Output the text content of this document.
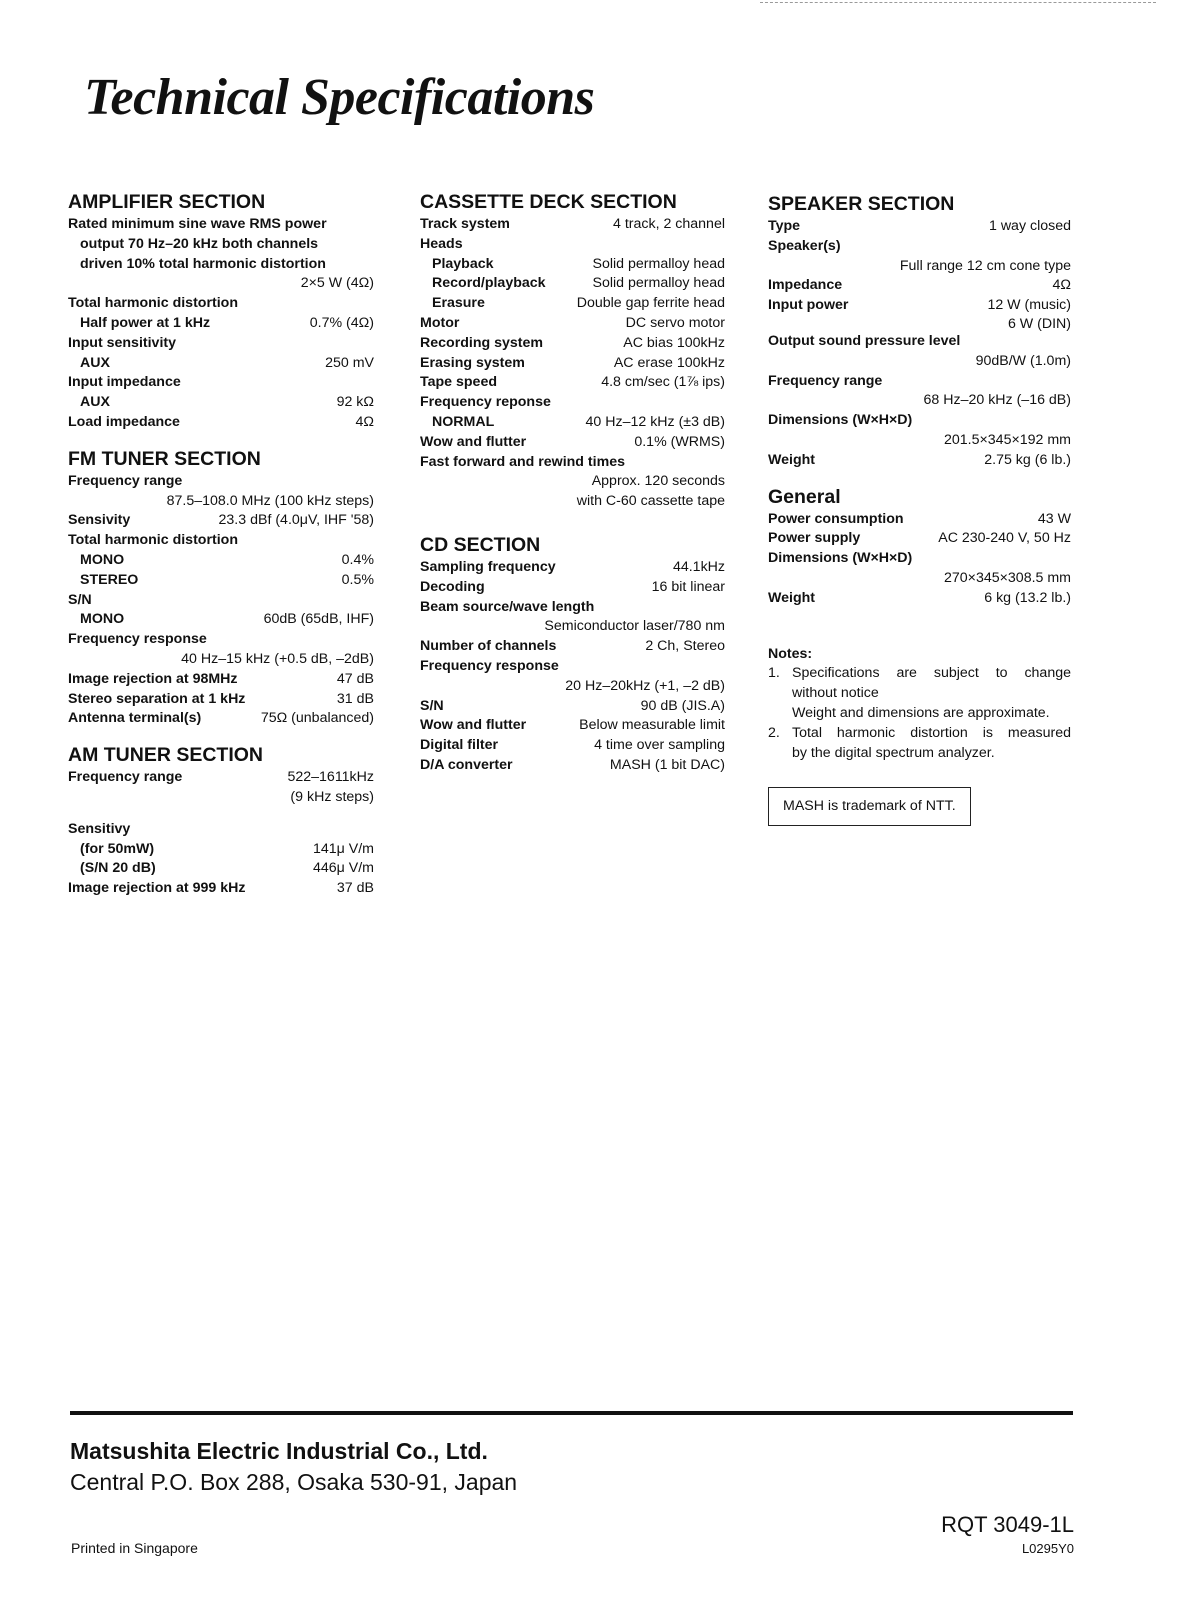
Technical Specifications
AMPLIFIER SECTION
Rated minimum sine wave RMS power
output 70 Hz–20 kHz both channels
driven 10% total harmonic distortion
2×5 W (4Ω)
Total harmonic distortion
Half power at 1 kHz	0.7% (4Ω)
Input sensitivity
AUX	250 mV
Input impedance
AUX	92 kΩ
Load impedance	4Ω
FM TUNER SECTION
Frequency range
87.5–108.0 MHz (100 kHz steps)
Sensivity	23.3 dBf (4.0μV, IHF '58)
Total harmonic distortion
MONO	0.4%
STEREO	0.5%
S/N
MONO	60dB (65dB, IHF)
Frequency response
40 Hz–15 kHz (+0.5 dB, –2dB)
Image rejection at 98MHz	47 dB
Stereo separation at 1 kHz	31 dB
Antenna terminal(s)	75Ω (unbalanced)
AM TUNER SECTION
Frequency range	522–1611kHz
(9 kHz steps)
Sensitivy
(for 50mW)	141μ V/m
(S/N 20 dB)	446μ V/m
Image rejection at 999 kHz	37 dB
CASSETTE DECK SECTION
Track system	4 track, 2 channel
Heads
Playback	Solid permalloy head
Record/playback	Solid permalloy head
Erasure	Double gap ferrite head
Motor	DC servo motor
Recording system	AC bias 100kHz
Erasing system	AC erase 100kHz
Tape speed	4.8 cm/sec (1⅞ ips)
Frequency reponse
NORMAL	40 Hz–12 kHz (±3 dB)
Wow and flutter	0.1% (WRMS)
Fast forward and rewind times
Approx. 120 seconds
with C-60 cassette tape
CD SECTION
Sampling frequency	44.1kHz
Decoding	16 bit linear
Beam source/wave length
Semiconductor laser/780 nm
Number of channels	2 Ch, Stereo
Frequency response
20 Hz–20kHz (+1, –2 dB)
S/N	90 dB (JIS.A)
Wow and flutter	Below measurable limit
Digital filter	4 time over sampling
D/A converter	MASH (1 bit DAC)
SPEAKER SECTION
Type	1 way closed
Speaker(s)
Full range 12 cm cone type
Impedance	4Ω
Input power	12 W (music)
6 W (DIN)
Output sound pressure level
90dB/W (1.0m)
Frequency range
68 Hz–20 kHz (–16 dB)
Dimensions (W×H×D)
201.5×345×192 mm
Weight	2.75 kg (6 lb.)
General
Power consumption	43 W
Power supply	AC 230-240 V, 50 Hz
Dimensions (W×H×D)
270×345×308.5 mm
Weight	6 kg (13.2 lb.)
Notes:
1. Specifications are subject to change
without notice
Weight and dimensions are approximate.
2. Total harmonic distortion is measured
by the digital spectrum analyzer.
MASH is trademark of NTT.
Matsushita Electric Industrial Co., Ltd.
Central P.O. Box 288, Osaka 530-91, Japan
Printed in Singapore
RQT 3049-1L
L0295Y0
